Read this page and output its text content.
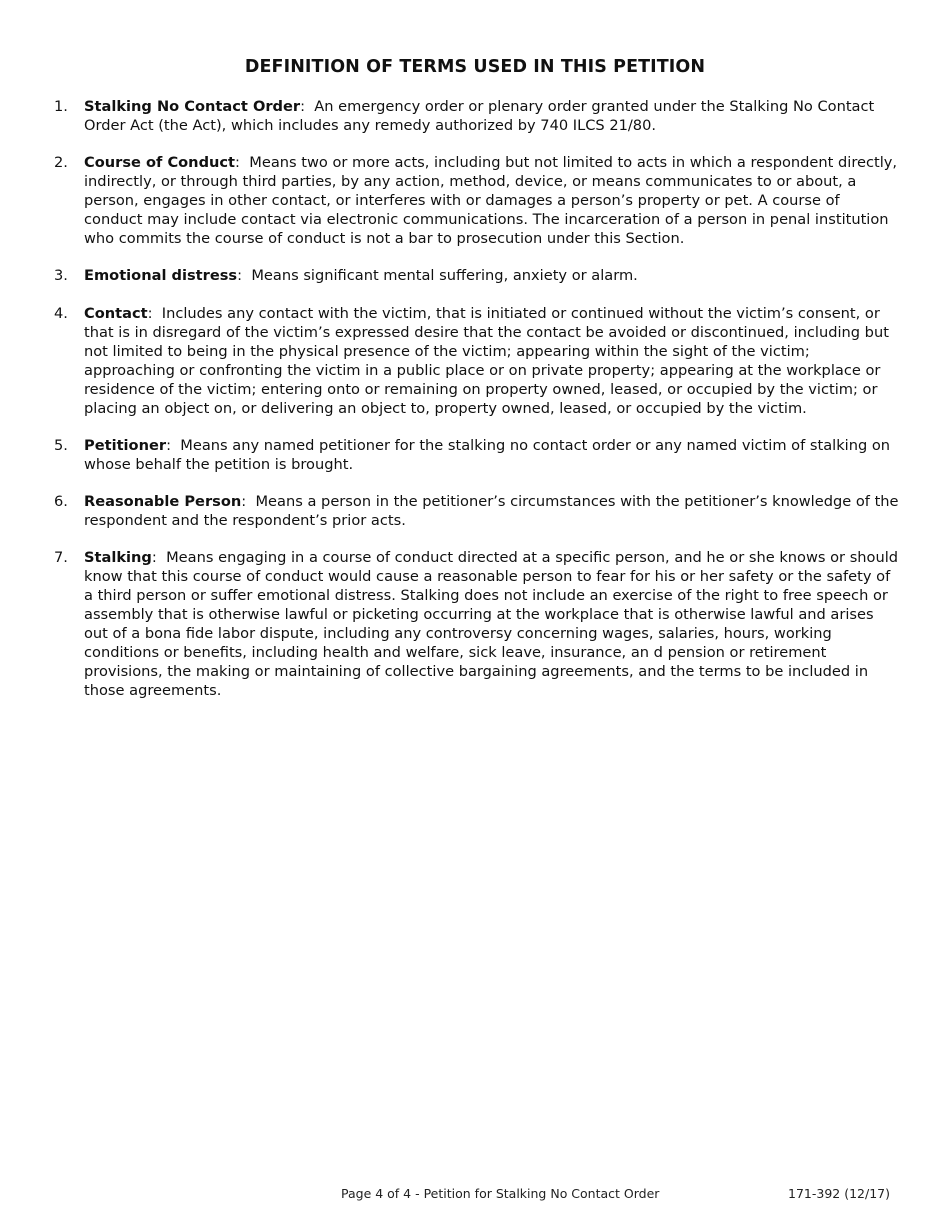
DEFINITION OF TERMS USED IN THIS PETITION
1.	Stalking No Contact Order: An emergency order or plenary order granted under the Stalking No Contact Order Act (the Act), which includes any remedy authorized by 740 ILCS 21/80.
2.	Course of Conduct: Means two or more acts, including but not limited to acts in which a respondent directly, indirectly, or through third parties, by any action, method, device, or means communicates to or about, a person, engages in other contact, or interferes with or damages a person’s property or pet. A course of conduct may include contact via electronic communications. The incarceration of a person in penal institution who commits the course of conduct is not a bar to prosecution under this Section.
3.	Emotional distress: Means significant mental suffering, anxiety or alarm.
4.	Contact: Includes any contact with the victim, that is initiated or continued without the victim’s consent, or that is in disregard of the victim’s expressed desire that the contact be avoided or discontinued, including but not limited to being in the physical presence of the victim; appearing within the sight of the victim; approaching or confronting the victim in a public place or on private property; appearing at the workplace or residence of the victim; entering onto or remaining on property owned, leased, or occupied by the victim; or placing an object on, or delivering an object to, property owned, leased, or occupied by the victim.
5.	Petitioner: Means any named petitioner for the stalking no contact order or any named victim of stalking on whose behalf the petition is brought.
6.	Reasonable Person: Means a person in the petitioner’s circumstances with the petitioner’s knowledge of the respondent and the respondent’s prior acts.
7.	Stalking: Means engaging in a course of conduct directed at a specific person, and he or she knows or should know that this course of conduct would cause a reasonable person to fear for his or her safety or the safety of a third person or suffer emotional distress. Stalking does not include an exercise of the right to free speech or assembly that is otherwise lawful or picketing occurring at the workplace that is otherwise lawful and arises out of a bona fide labor dispute, including any controversy concerning wages, salaries, hours, working conditions or benefits, including health and welfare, sick leave, insurance, an d pension or retirement provisions, the making or maintaining of collective bargaining agreements, and the terms to be included in those agreements.
Page 4 of 4 - Petition for Stalking No Contact Order	171-392 (12/17)
